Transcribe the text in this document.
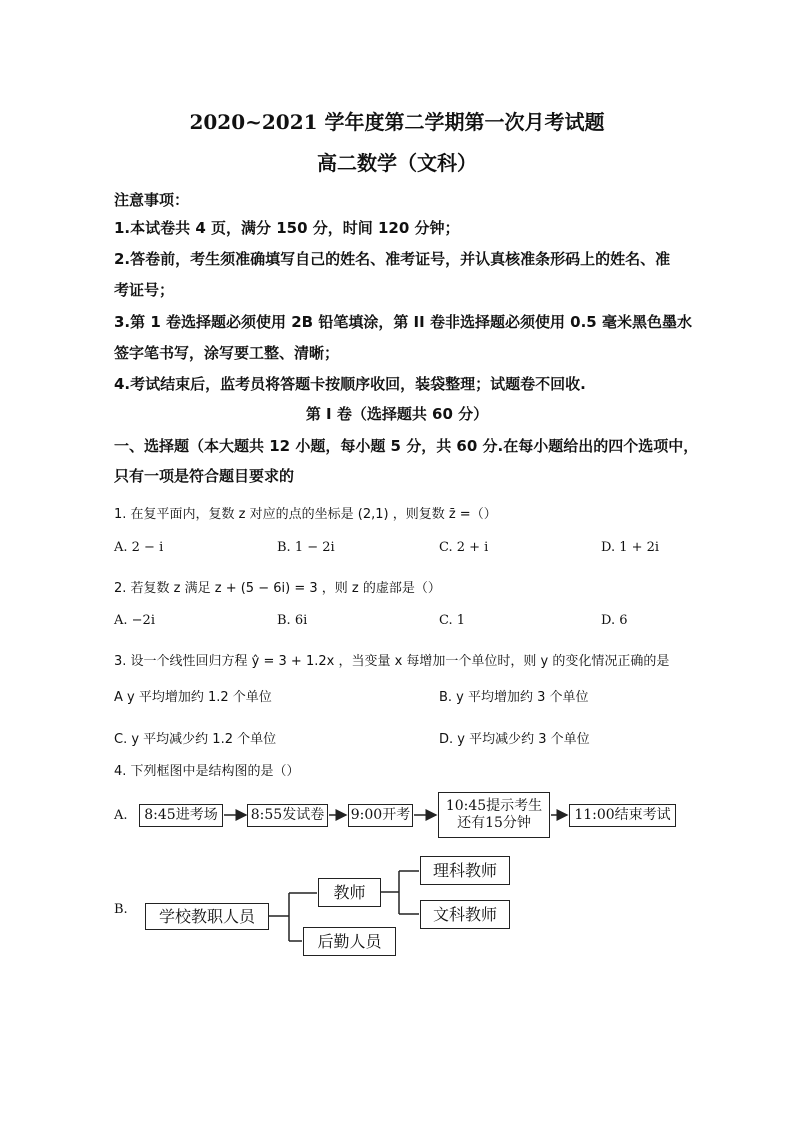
2020~2021 学年度第二学期第一次月考试题
高二数学（文科）
注意事项：
1.本试卷共 4 页，满分 150 分，时间 120 分钟；
2.答卷前，考生须准确填写自己的姓名、准考证号，并认真核准条形码上的姓名、准
考证号；
3.第 1 卷选择题必须使用 2B 铅笔填涂，第 II 卷非选择题必须使用 0.5 毫米黑色墨水
签字笔书写，涂写要工整、清晰；
4.考试结束后，监考员将答题卡按顺序收回，装袋整理；试题卷不回收.
第 I 卷（选择题共 60 分）
一、选择题（本大题共 12 小题，每小题 5 分，共 60 分.在每小题给出的四个选项中，
只有一项是符合题目要求的
1. 在复平面内，复数 z 对应的点的坐标是 (2,1) ，则复数 z̄ =（）
A. 2 − i	B. 1 − 2i	C. 2 + i	D. 1 + 2i
2. 若复数 z 满足 z + (5 − 6i) = 3 ，则 z 的虚部是（）
A. −2i	B. 6i	C. 1	D. 6
3. 设一个线性回归方程 ŷ = 3 + 1.2x ，当变量 x 每增加一个单位时，则 y 的变化情况正确的是
A y 平均增加约 1.2 个单位	B. y 平均增加约 3 个单位
C. y 平均减少约 1.2 个单位	D. y 平均减少约 3 个单位
4. 下列框图中是结构图的是（）
A.
B.
8:45进考场	8:55发试卷 9:00开考
10:45提示考生
还有15分钟	11:00结束考试
学校教职人员
教师
后勤人员
理科教师
文科教师
